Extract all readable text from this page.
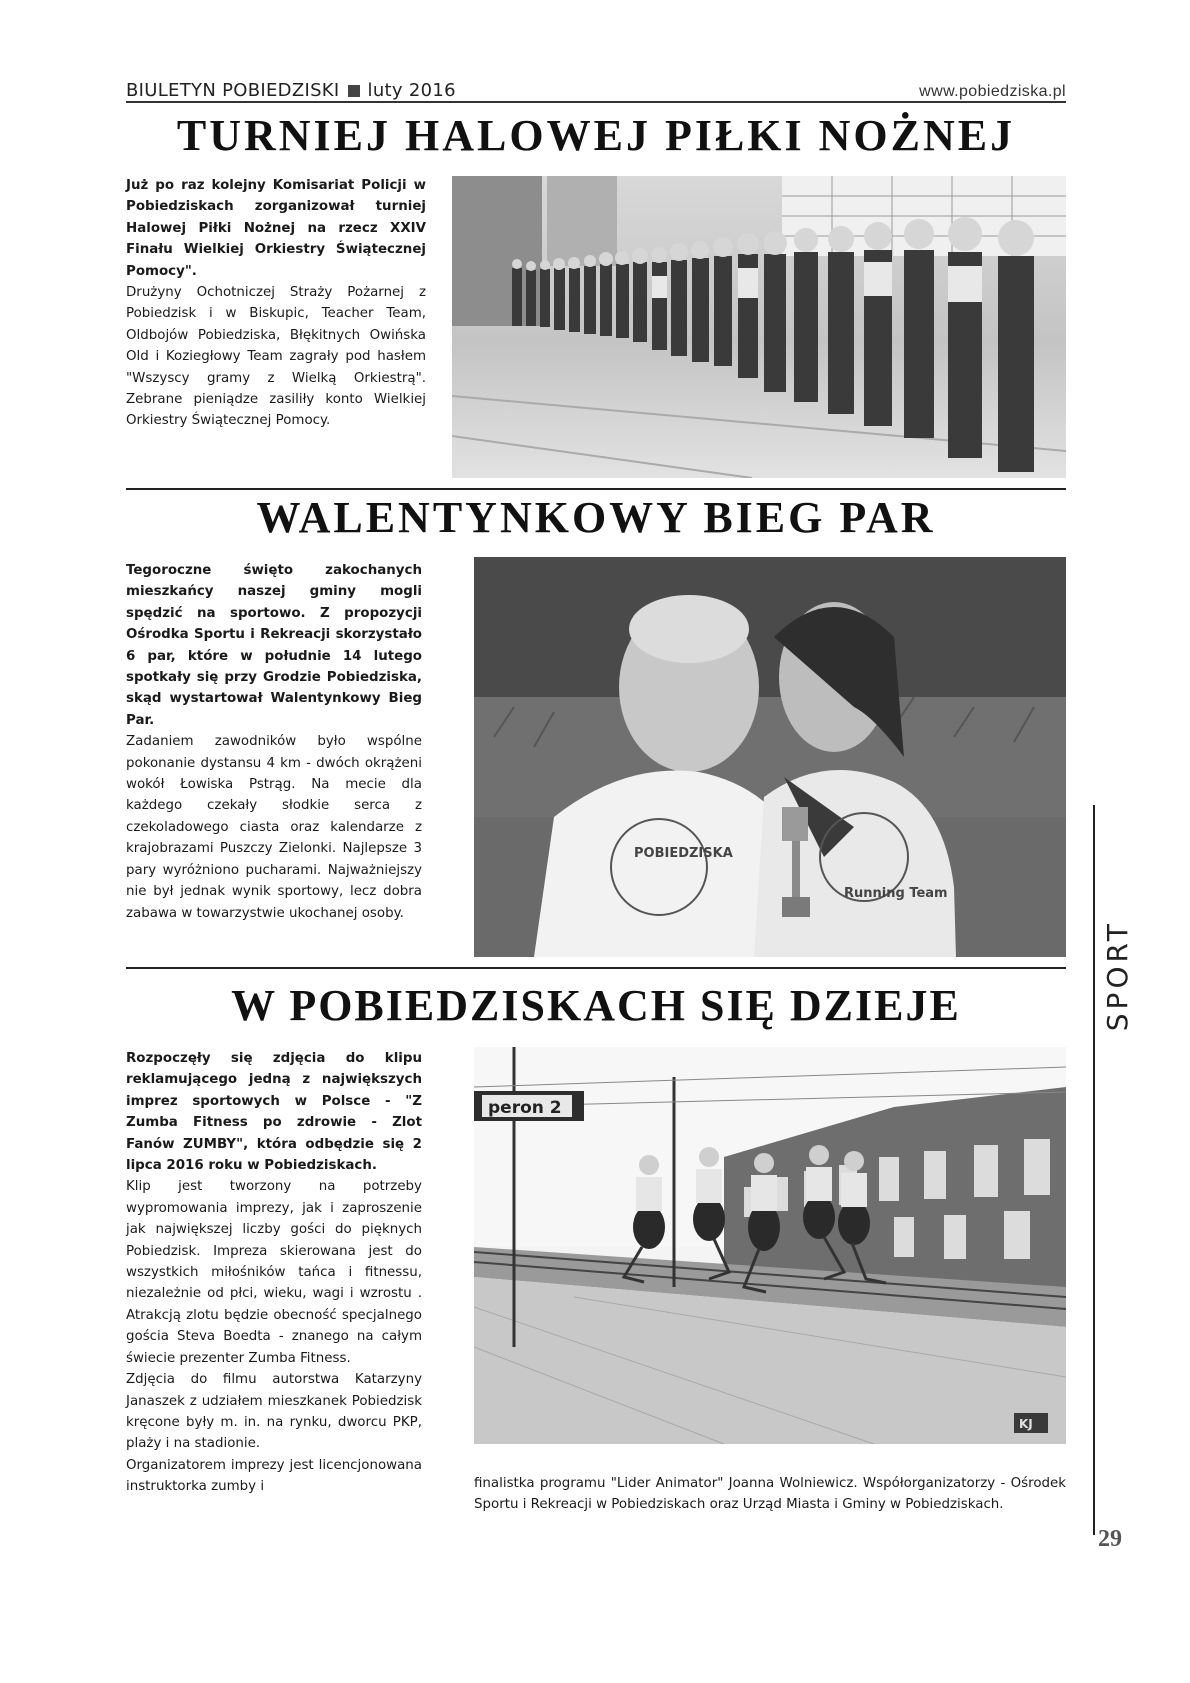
BIULETYN POBIEDZISKI luty 2016	www.pobiedziska.pl
TURNIEJ HALOWEJ PIŁKI NOŻNEJ

Już po raz kolejny Komisariat Policji w Pobiedziskach zorganizował turniej Halowej Piłki Nożnej na rzecz XXIV Finału Wielkiej Orkiestry Świątecznej Pomocy".

Drużyny Ochotniczej Straży Pożarnej z Pobiedzisk i w Biskupic, Teacher Team, Oldbojów Pobiedziska, Błękitnych Owińska Old i Koziegłowy Team zagrały pod hasłem "Wszyscy gramy z Wielką Orkiestrą". Zebrane pieniądze zasiliły konto Wielkiej Orkiestry Świątecznej Pomocy.

WALENTYNKOWY BIEG PAR

Tegoroczne święto zakochanych mieszkańcy naszej gminy mogli spędzić na sportowo. Z propozycji Ośrodka Sportu i Rekreacji skorzystało 6 par, które w południe 14 lutego spotkały się przy Grodzie Pobiedziska, skąd wystartował Walentynkowy Bieg Par.

Zadaniem zawodników było wspólne pokonanie dystansu 4 km - dwóch okrążeni wokół Łowiska Pstrąg. Na mecie dla każdego czekały słodkie serca z czekoladowego ciasta oraz kalendarze z krajobrazami Puszczy Zielonki. Najlepsze 3 pary wyróżniono pucharami. Najważniejszy nie był jednak wynik sportowy, lecz dobra zabawa w towarzystwie ukochanej osoby.

POBIEDZISKA
Running Team
W POBIEDZISKACH SIĘ DZIEJE

Rozpoczęły się zdjęcia do klipu reklamującego jedną z największych imprez sportowych w Polsce - "Z Zumba Fitness po zdrowie - Zlot Fanów ZUMBY", która odbędzie się 2 lipca 2016 roku w Pobiedziskach.

Klip jest tworzony na potrzeby wypromowania imprezy, jak i zaproszenie jak największej liczby gości do pięknych Pobiedzisk. Impreza skierowana jest do wszystkich miłośników tańca i fitnessu, niezależnie od płci, wieku, wagi i wzrostu . Atrakcją zlotu będzie obecność specjalnego gościa Steva Boedta - znanego na całym świecie prezenter Zumba Fitness.

Zdjęcia do filmu autorstwa Katarzyny Janaszek z udziałem mieszkanek Pobiedzisk kręcone były m. in. na rynku, dworcu PKP, plaży i na stadionie.

Organizatorem imprezy jest licencjonowana instruktorka zumby i

peron 2
KJ
finalistka programu "Lider Animator" Joanna Wolniewicz. Współorganizatorzy - Ośrodek Sportu i Rekreacji w Pobiedziskach oraz Urząd Miasta i Gminy w Pobiedziskach.
SPORT
29
